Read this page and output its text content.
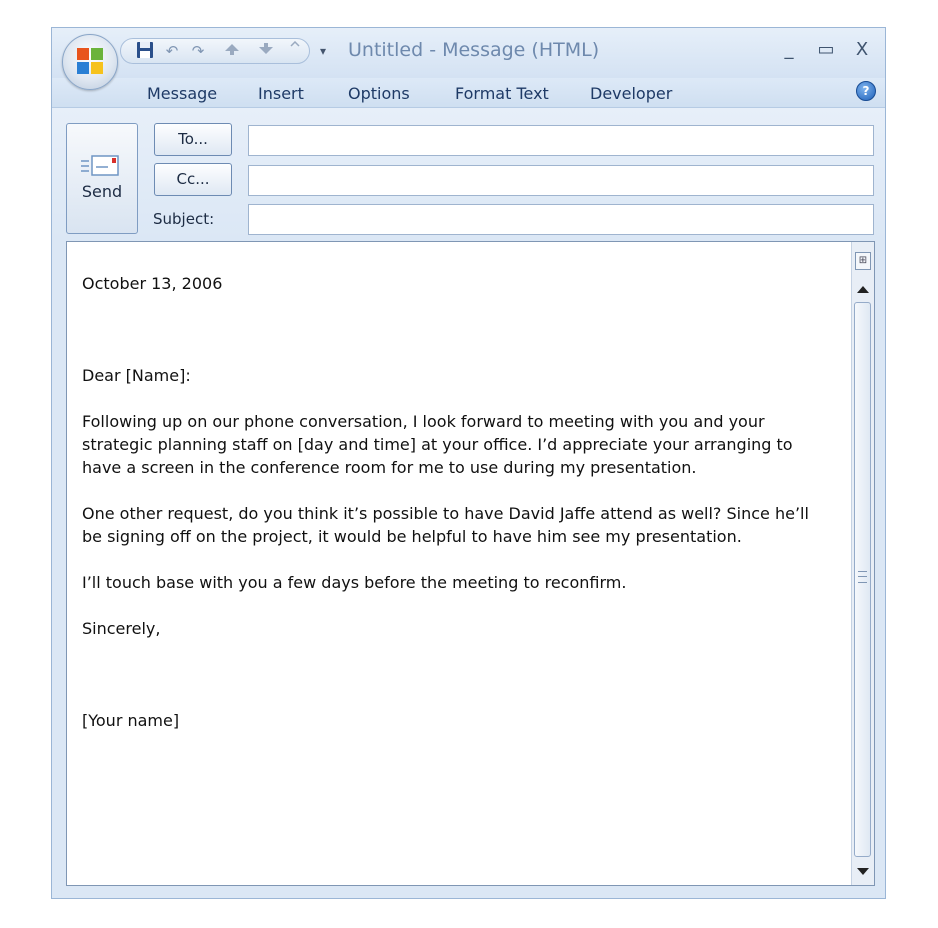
↶ ↷	▾ Untitled - Message (HTML)	_	▭	X
Message	Insert	Options	Format Text	Developer	?
Send
To...
Cc...
Subject:

October 13, 2006

Dear [Name]:

Following up on our phone conversation, I look forward to meeting with you and your strategic planning staff on [day and time] at your office. I’d appreciate your arranging to have a screen in the conference room for me to use during my presentation.

One other request, do you think it’s possible to have David Jaffe attend as well? Since he’ll be signing off on the project, it would be helpful to have him see my presentation.

I’ll touch base with you a few days before the meeting to reconfirm.

Sincerely,

[Your name]

⊞
